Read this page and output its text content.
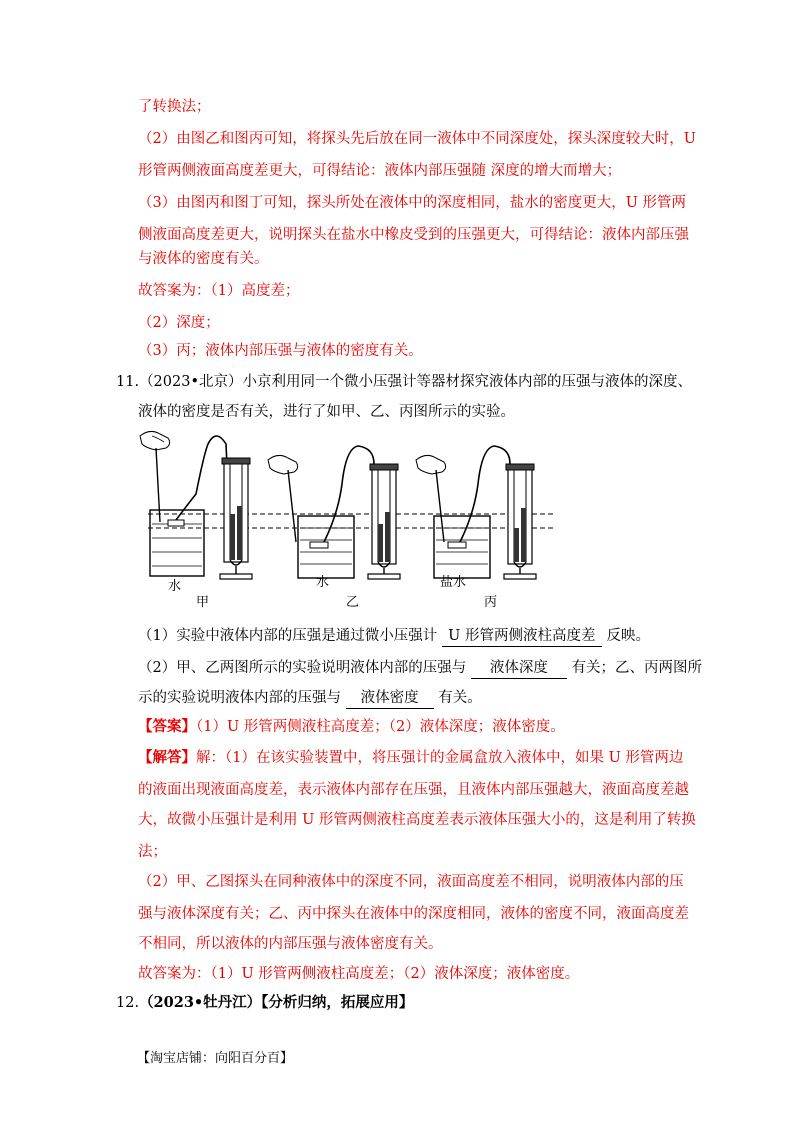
了转换法；
（2）由图乙和图丙可知，将探头先后放在同一液体中不同深度处，探头深度较大时，U
形管两侧液面高度差更大，可得结论：液体内部压强随 深度的增大而增大；
（3）由图丙和图丁可知，探头所处在液体中的深度相同，盐水的密度更大，U 形管两
侧液面高度差更大，说明探头在盐水中橡皮受到的压强更大，可得结论：液体内部压强
与液体的密度有关。
故答案为：（1）高度差；
（2）深度；
（3）丙；液体内部压强与液体的密度有关。
11.（2023•北京）小京利用同一个微小压强计等器材探究液体内部的压强与液体的深度、
液体的密度是否有关，进行了如甲、乙、丙图所示的实验。
水
甲
水
乙
盐水
丙
（1）实验中液体内部的压强是通过微小压强计 U 形管两侧液柱高度差 反映。
（2）甲、乙两图所示的实验说明液体内部的压强与 液体深度 有关；乙、丙两图所
示的实验说明液体内部的压强与 液体密度 有关。
【答案】（1）U 形管两侧液柱高度差；（2）液体深度；液体密度。
【解答】解：（1）在该实验装置中，将压强计的金属盒放入液体中，如果 U 形管两边
的液面出现液面高度差，表示液体内部存在压强，且液体内部压强越大，液面高度差越
大，故微小压强计是利用 U 形管两侧液柱高度差表示液体压强大小的，这是利用了转换
法；
（2）甲、乙图探头在同种液体中的深度不同，液面高度差不相同，说明液体内部的压
强与液体深度有关；乙、丙中探头在液体中的深度相同，液体的密度不同，液面高度差
不相同，所以液体的内部压强与液体密度有关。
故答案为：（1）U 形管两侧液柱高度差；（2）液体深度；液体密度。
12.（2023•牡丹江）【分析归纳，拓展应用】
【淘宝店铺：向阳百分百】
